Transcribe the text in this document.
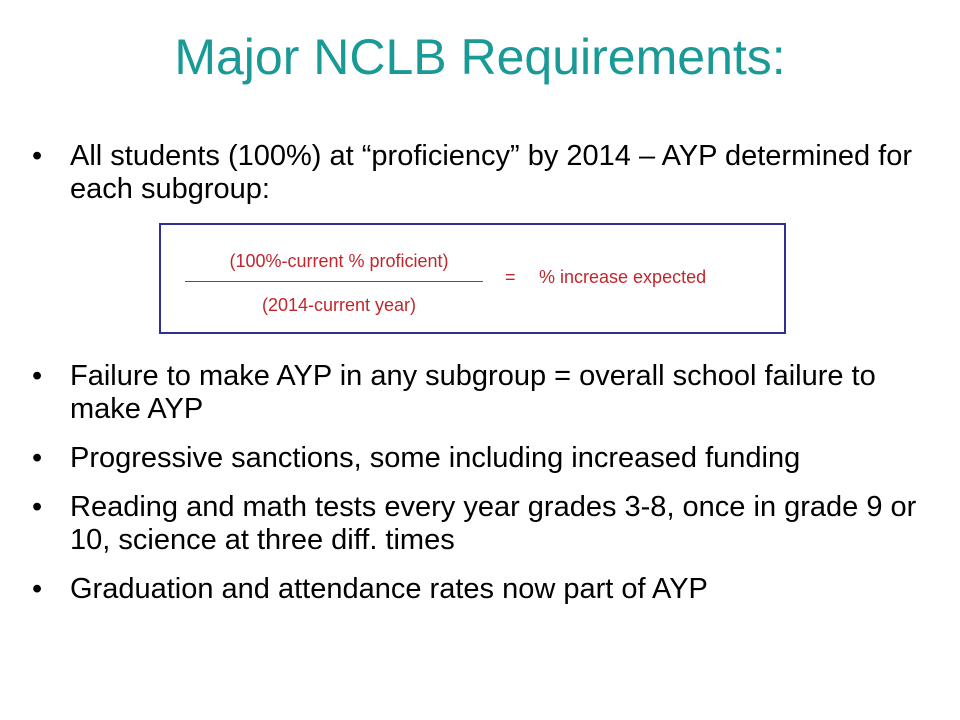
Major NCLB Requirements:
• All students (100%) at “proficiency” by 2014 – AYP determined for each subgroup:
(100%-current % proficient)
(2014-current year)
= % increase expected
• Failure to make AYP in any subgroup = overall school failure to make AYP
• Progressive sanctions, some including increased funding
• Reading and math tests every year grades 3-8, once in grade 9 or 10, science at three diff. times
• Graduation and attendance rates now part of AYP
